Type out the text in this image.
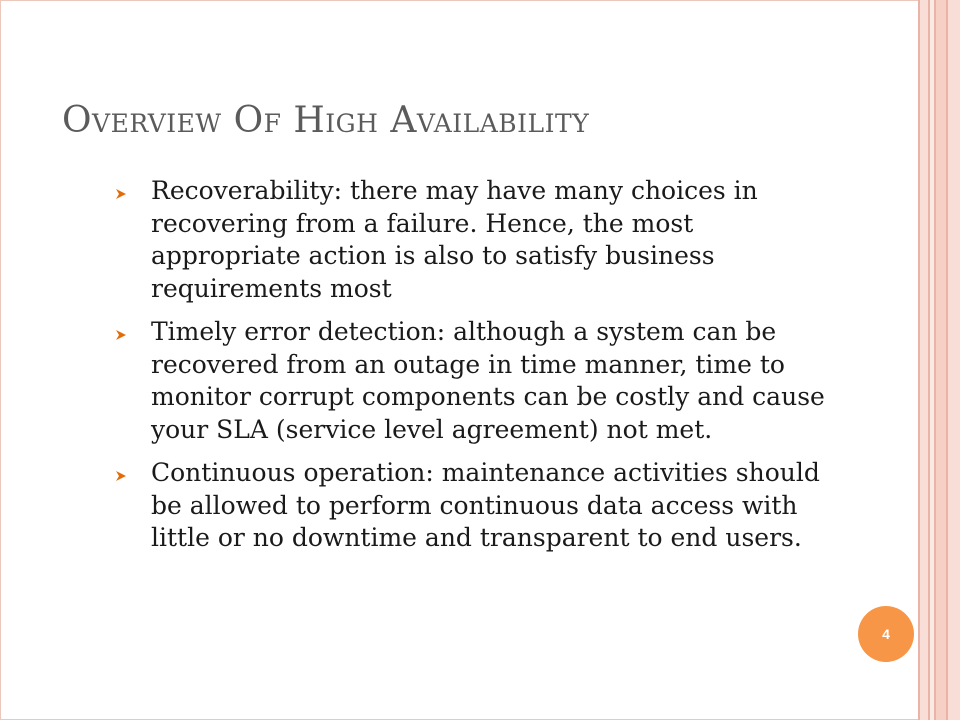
Overview Of High Availability
Recoverability: there may have many choices in recovering from a failure. Hence, the most appropriate action is also to satisfy business requirements most
Timely error detection: although a system can be recovered from an outage in time manner, time to monitor corrupt components can be costly and cause your SLA (service level agreement) not met.
Continuous operation: maintenance activities should be allowed to perform continuous data access with little or no downtime and transparent to end users.
4
